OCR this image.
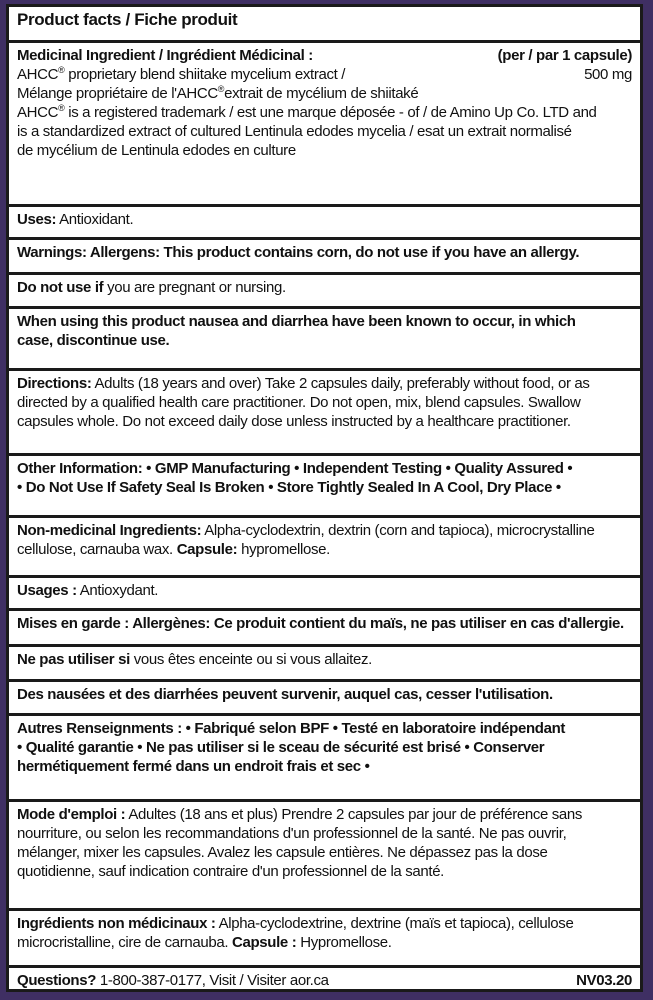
Product facts / Fiche produit
Medicinal Ingredient / Ingrédient Médicinal :	(per / par 1 capsule)
AHCC® proprietary blend shiitake mycelium extract /	500 mg
Mélange propriétaire de l'AHCC®extrait de mycélium de shiitaké
AHCC® is a registered trademark / est une marque déposée - of / de Amino Up Co. LTD and
is a standardized extract of cultured Lentinula edodes mycelia / esat un extrait normalisé
de mycélium de Lentinula edodes en culture
Uses: Antioxidant.
Warnings: Allergens: This product contains corn, do not use if you have an allergy.
Do not use if you are pregnant or nursing.
When using this product nausea and diarrhea have been known to occur, in which
case, discontinue use.
Directions: Adults (18 years and over) Take 2 capsules daily, preferably without food, or as
directed by a qualified health care practitioner. Do not open, mix, blend capsules. Swallow
capsules whole. Do not exceed daily dose unless instructed by a healthcare practitioner.
Other Information: • GMP Manufacturing • Independent Testing • Quality Assured •
• Do Not Use If Safety Seal Is Broken • Store Tightly Sealed In A Cool, Dry Place •
Non-medicinal Ingredients: Alpha-cyclodextrin, dextrin (corn and tapioca), microcrystalline
cellulose, carnauba wax. Capsule: hypromellose.
Usages : Antioxydant.
Mises en garde : Allergènes: Ce produit contient du maïs, ne pas utiliser en cas d'allergie.
Ne pas utiliser si vous êtes enceinte ou si vous allaitez.
Des nausées et des diarrhées peuvent survenir, auquel cas, cesser l'utilisation.
Autres Renseignments : • Fabriqué selon BPF • Testé en laboratoire indépendant
• Qualité garantie • Ne pas utiliser si le sceau de sécurité est brisé • Conserver
hermétiquement fermé dans un endroit frais et sec •
Mode d'emploi : Adultes (18 ans et plus) Prendre 2 capsules par jour de préférence sans
nourriture, ou selon les recommandations d'un professionnel de la santé. Ne pas ouvrir,
mélanger, mixer les capsules. Avalez les capsule entières. Ne dépassez pas la dose
quotidienne, sauf indication contraire d'un professionnel de la santé.
Ingrédients non médicinaux : Alpha-cyclodextrine, dextrine (maïs et tapioca), cellulose
microcristalline, cire de carnauba. Capsule : Hypromellose.
Questions? 1-800-387-0177, Visit / Visiter aor.ca	NV03.20
